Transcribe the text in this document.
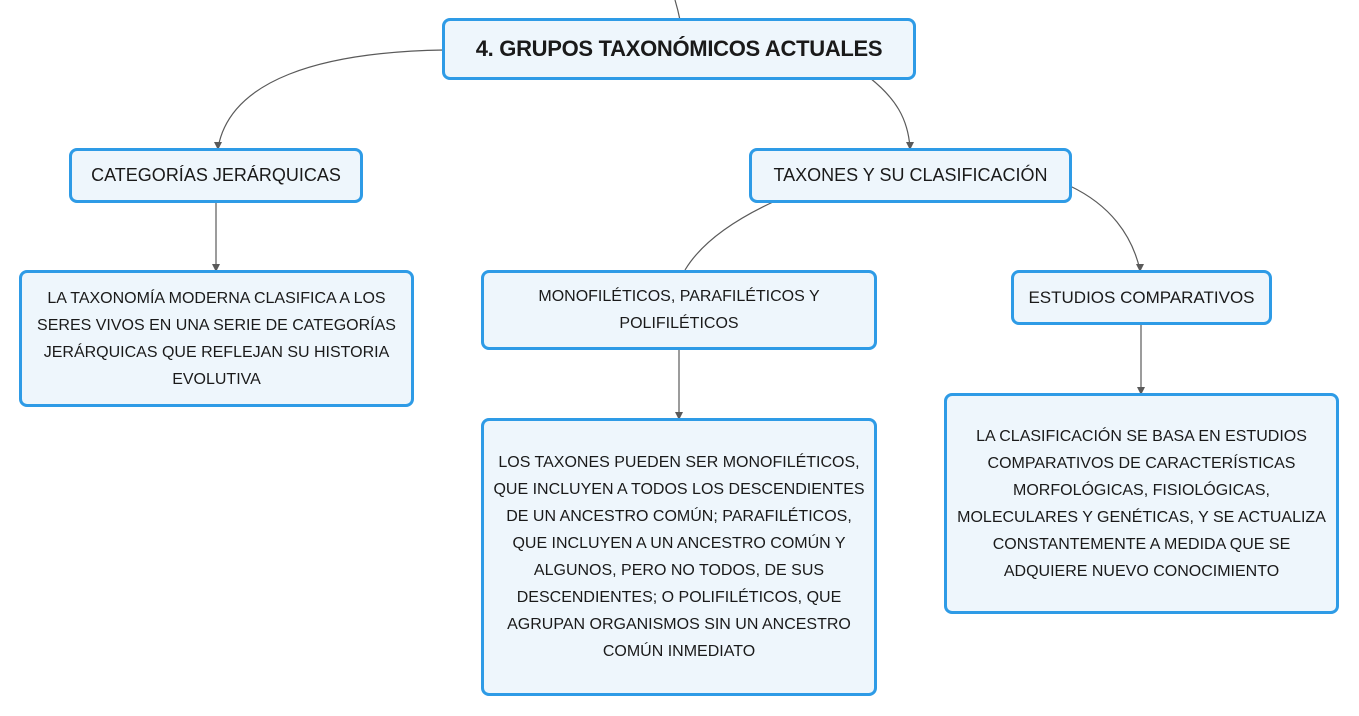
4. GRUPOS TAXONÓMICOS ACTUALES
CATEGORÍAS JERÁRQUICAS	TAXONES Y SU CLASIFICACIÓN
LA TAXONOMÍA MODERNA CLASIFICA A LOS SERES VIVOS EN UNA SERIE DE CATEGORÍAS JERÁRQUICAS QUE REFLEJAN SU HISTORIA EVOLUTIVA
MONOFILÉTICOS, PARAFILÉTICOS Y POLIFILÉTICOS
ESTUDIOS COMPARATIVOS
LOS TAXONES PUEDEN SER MONOFILÉTICOS, QUE INCLUYEN A TODOS LOS DESCENDIENTES DE UN ANCESTRO COMÚN; PARAFILÉTICOS, QUE INCLUYEN A UN ANCESTRO COMÚN Y ALGUNOS, PERO NO TODOS, DE SUS DESCENDIENTES; O POLIFILÉTICOS, QUE AGRUPAN ORGANISMOS SIN UN ANCESTRO COMÚN INMEDIATO
LA CLASIFICACIÓN SE BASA EN ESTUDIOS COMPARATIVOS DE CARACTERÍSTICAS MORFOLÓGICAS, FISIOLÓGICAS, MOLECULARES Y GENÉTICAS, Y SE ACTUALIZA CONSTANTEMENTE A MEDIDA QUE SE ADQUIERE NUEVO CONOCIMIENTO
